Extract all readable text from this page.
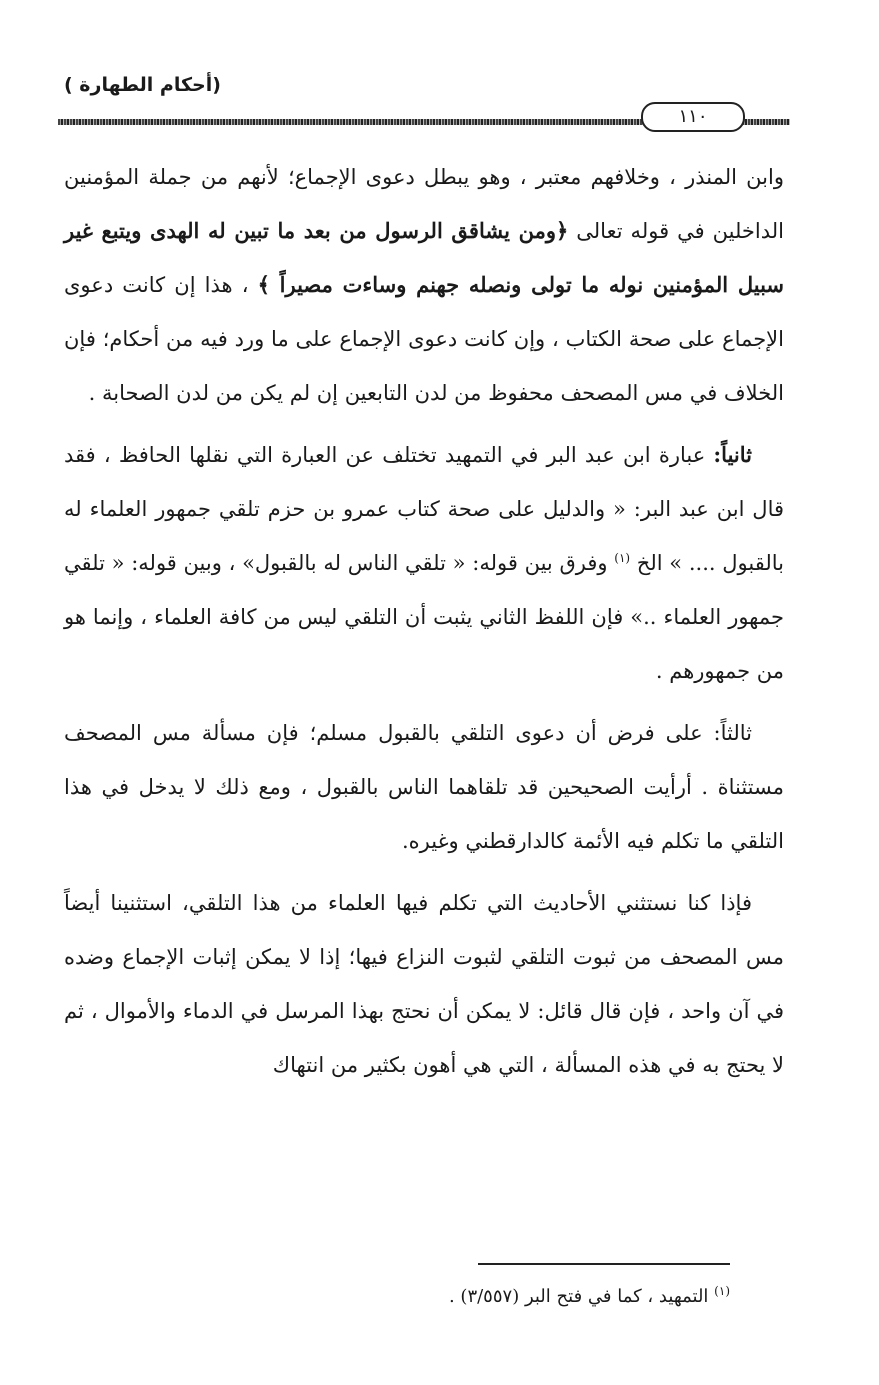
(أحكام الطهارة )
١١٠

وابن المنذر ، وخلافهم معتبر ، وهو يبطل دعوى الإجماع؛ لأنهم من جملة المؤمنين الداخلين في قوله تعالى ﴿ومن يشاقق الرسول من بعد ما تبين له الهدى ويتبع غير سبيل المؤمنين نوله ما تولى ونصله جهنم وساءت مصيراً ﴾ ، هذا إن كانت دعوى الإجماع على صحة الكتاب ، وإن كانت دعوى الإجماع على ما ورد فيه من أحكام؛ فإن الخلاف في مس المصحف محفوظ من لدن التابعين إن لم يكن من لدن الصحابة .

ثانياً: عبارة ابن عبد البر في التمهيد تختلف عن العبارة التي نقلها الحافظ ، فقد قال ابن عبد البر: « والدليل على صحة كتاب عمرو بن حزم تلقي جمهور العلماء له بالقبول .... » الخ $^{(١)}$ وفرق بين قوله: « تلقي الناس له بالقبول» ، وبين قوله: « تلقي جمهور العلماء ..» فإن اللفظ الثاني يثبت أن التلقي ليس من كافة العلماء ، وإنما هو من جمهورهم .

ثالثاً: على فرض أن دعوى التلقي بالقبول مسلم؛ فإن مسألة مس المصحف مستثناة . أرأيت الصحيحين قد تلقاهما الناس بالقبول ، ومع ذلك لا يدخل في هذا التلقي ما تكلم فيه الأئمة كالدارقطني وغيره.

فإذا كنا نستثني الأحاديث التي تكلم فيها العلماء من هذا التلقي، استثنينا أيضاً مس المصحف من ثبوت التلقي لثبوت النزاع فيها؛ إذا لا يمكن إثبات الإجماع وضده في آن واحد ، فإن قال قائل: لا يمكن أن نحتج بهذا المرسل في الدماء والأموال ، ثم لا يحتج به في هذه المسألة ، التي هي أهون بكثير من انتهاك

$^{(١)}$ التمهيد ، كما في فتح البر (٣/٥٥٧) .
